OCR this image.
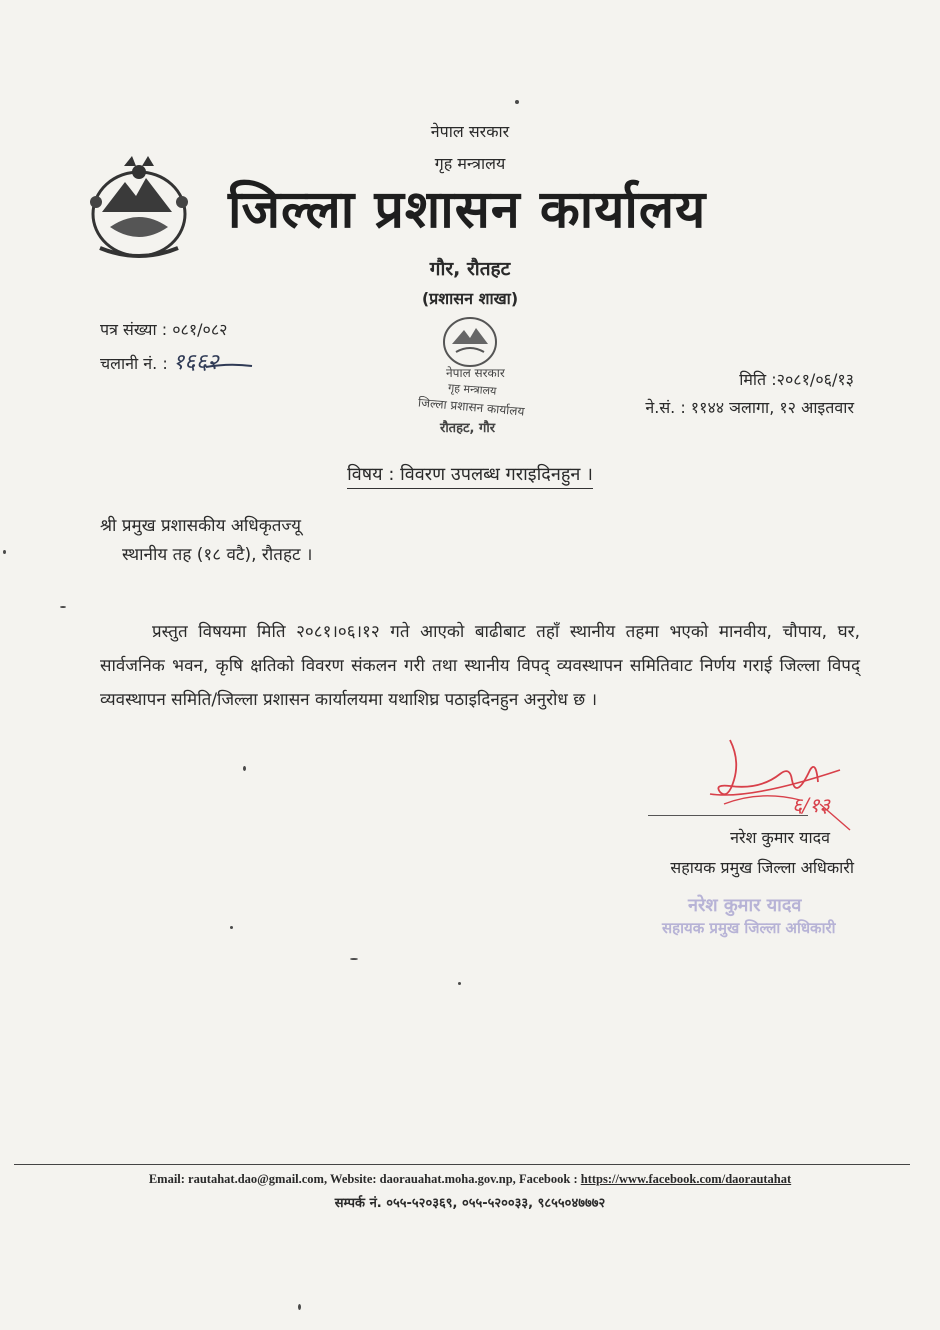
नेपाल सरकार
गृह मन्त्रालय
जिल्ला प्रशासन कार्यालय
गौर, रौतहट
(प्रशासन शाखा)
नेपाल सरकार
गृह मन्त्रालय
जिल्ला प्रशासन कार्यालय
रौतहट, गौर
पत्र संख्या : ०८१/०८२
चलानी नं. : १६६२
मिति :२०८१/०६/१३
ने.सं. : ११४४ ञलागा, १२ आइतवार
विषय : विवरण उपलब्ध गराइदिनहुन ।
श्री प्रमुख प्रशासकीय अधिकृतज्यू
स्थानीय तह (१८ वटै), रौतहट ।

प्रस्तुत विषयमा मिति २०८१।०६।१२ गते आएको बाढीबाट तहाँ स्थानीय तहमा भएको मानवीय, चौपाय, घर, सार्वजनिक भवन, कृषि क्षतिको विवरण संकलन गरी तथा स्थानीय विपद् व्यवस्थापन समितिवाट निर्णय गराई जिल्ला विपद् व्यवस्थापन समिति/जिल्ला प्रशासन कार्यालयमा यथाशिघ्र पठाइदिनहुन अनुरोध छ ।

६/१३
नरेश कुमार यादव
सहायक प्रमुख जिल्ला अधिकारी
नरेश कुमार यादव
सहायक प्रमुख जिल्ला अधिकारी
Email: rautahat.dao@gmail.com, Website: daorauahat.moha.gov.np, Facebook : https://www.facebook.com/daorautahat
सम्पर्क नं. ०५५-५२०३६९, ०५५-५२००३३, ९८५५०४७७७२
